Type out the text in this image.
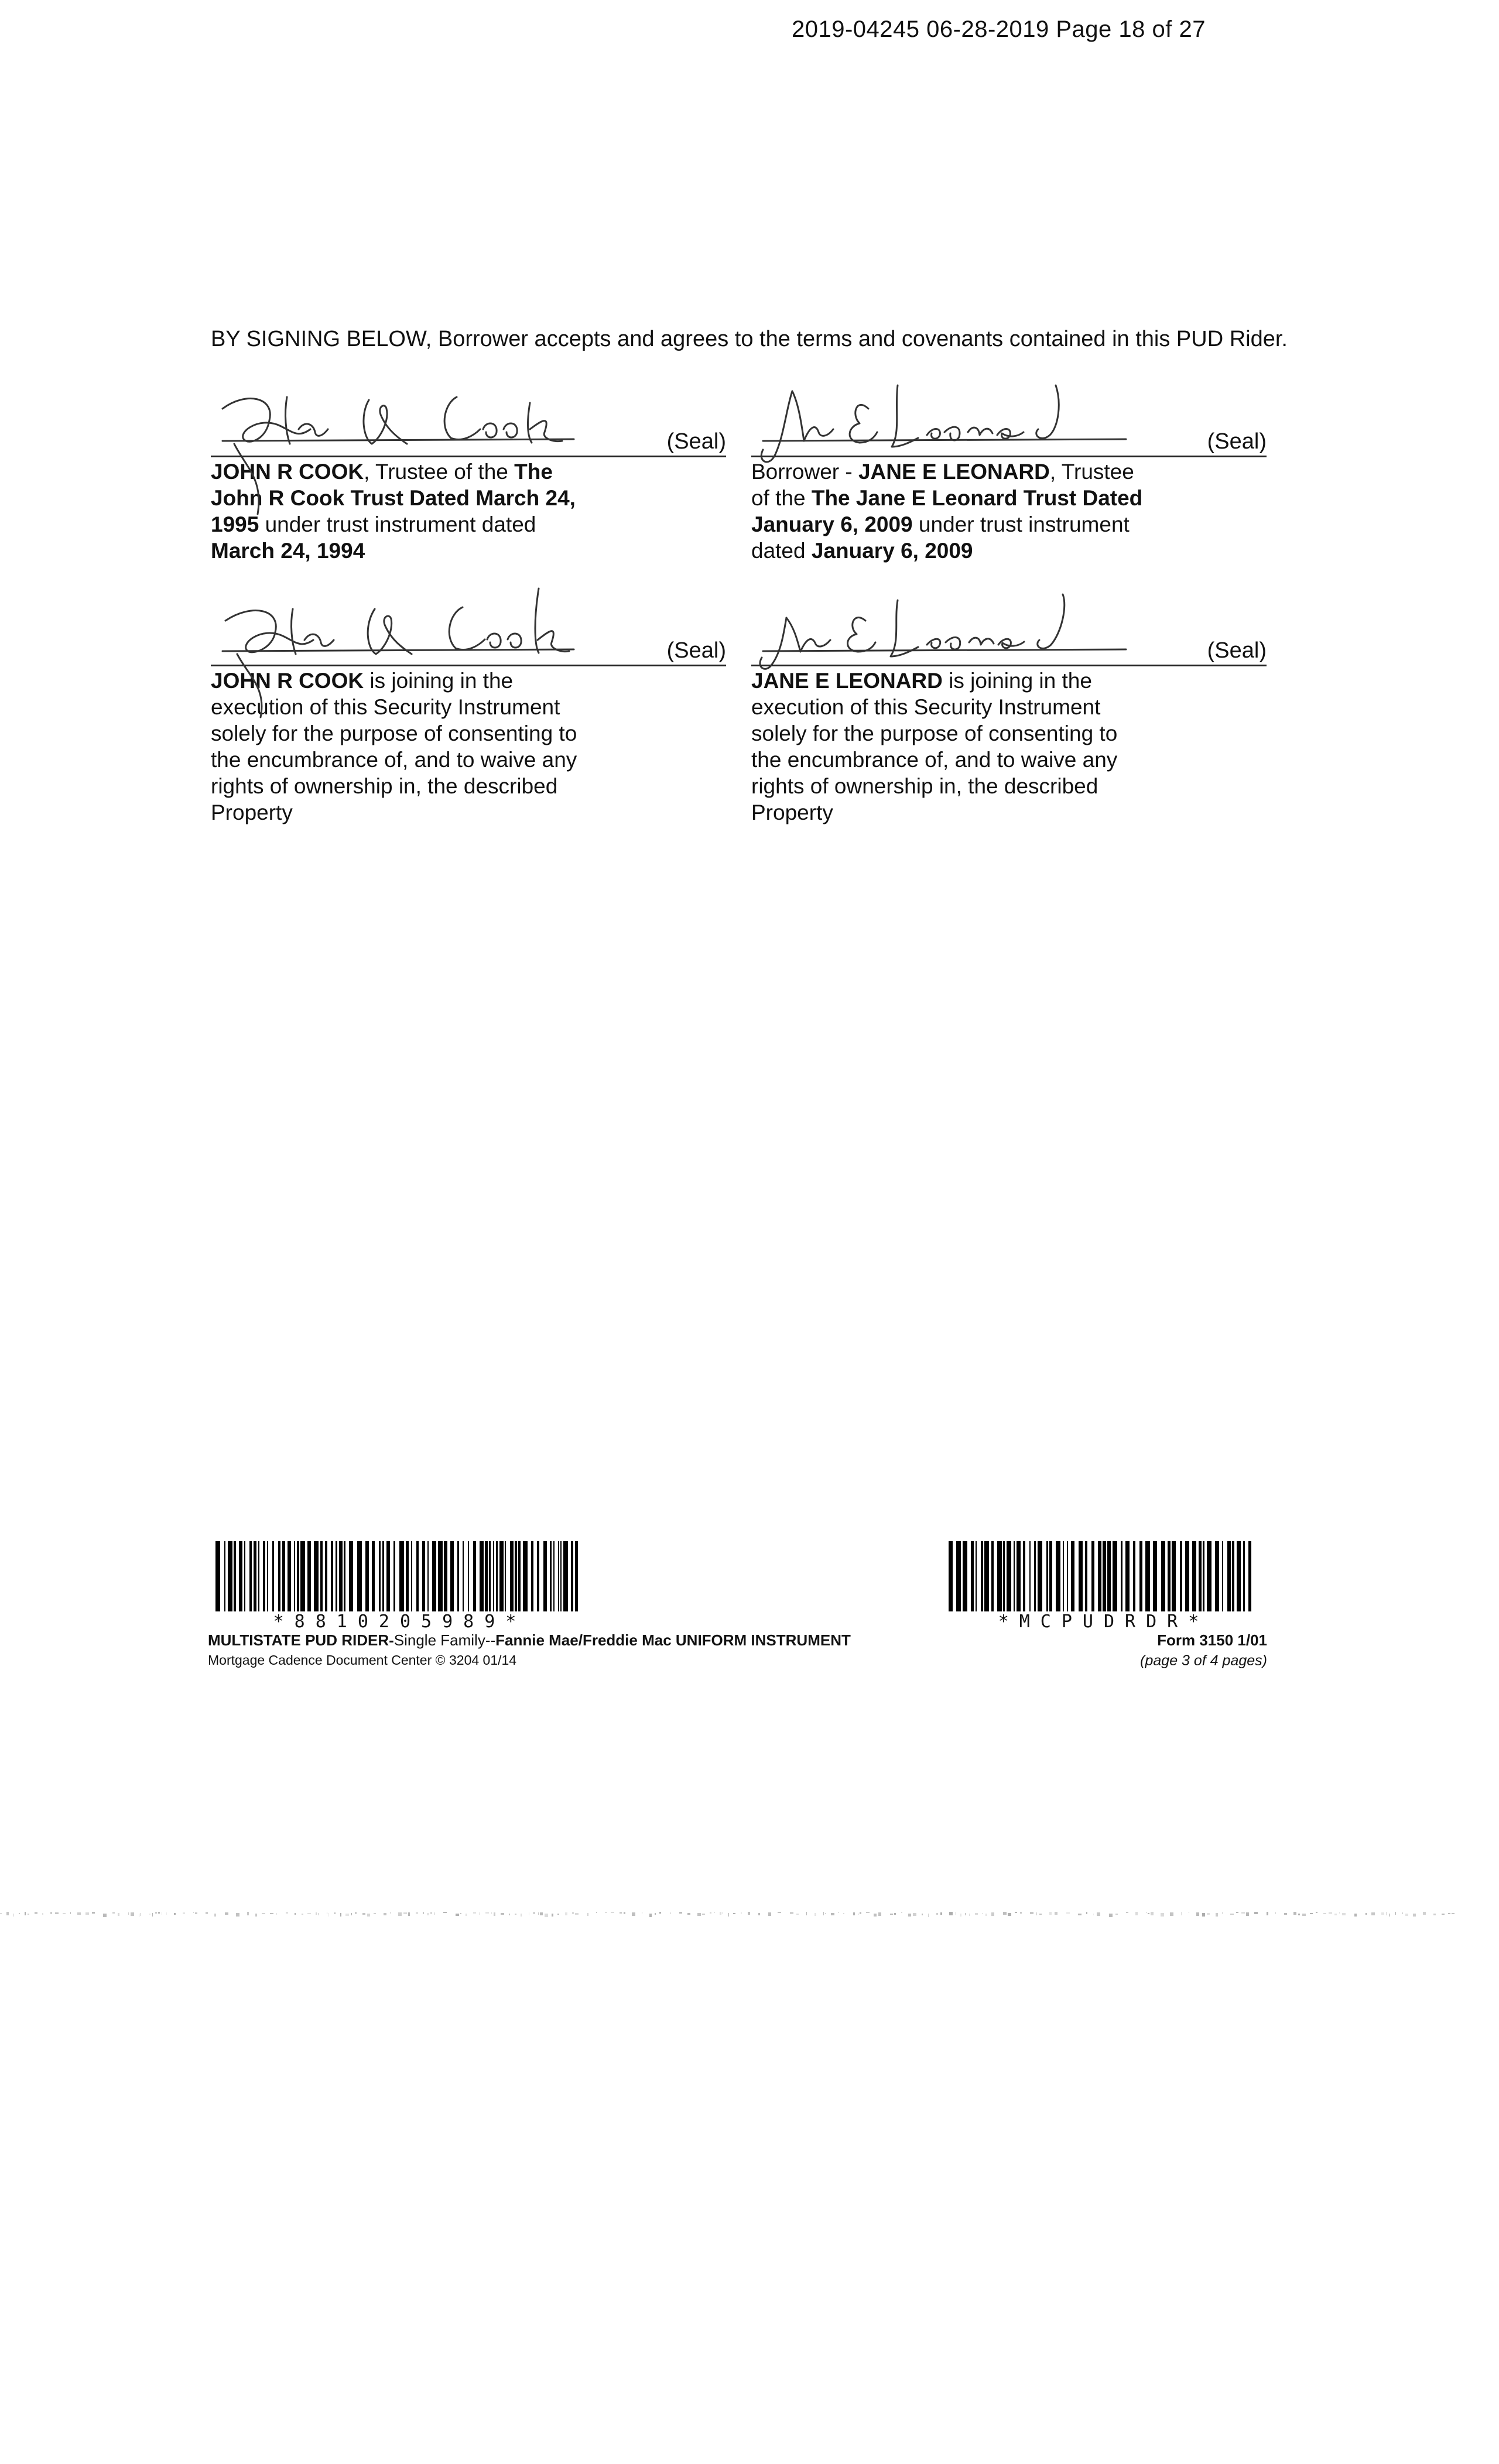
2019-04245 06-28-2019 Page 18 of 27
BY SIGNING BELOW, Borrower accepts and agrees to the terms and covenants contained in this PUD Rider.
(Seal)
JOHN R COOK, Trustee of the The John R Cook Trust Dated March 24, 1995 under trust instrument dated March 24, 1994
(Seal)
Borrower - JANE E LEONARD, Trustee of the The Jane E Leonard Trust Dated January 6, 2009 under trust instrument dated January 6, 2009
(Seal)
JOHN R COOK is joining in the execution of this Security Instrument solely for the purpose of consenting to the encumbrance of, and to waive any rights of ownership in, the described Property
(Seal)
JANE E LEONARD is joining in the execution of this Security Instrument solely for the purpose of consenting to the encumbrance of, and to waive any rights of ownership in, the described Property
*8810205989*	*MCPUDRDR*
MULTISTATE PUD RIDER-Single Family--Fannie Mae/Freddie Mac UNIFORM INSTRUMENT
Mortgage Cadence Document Center © 3204 01/14
Form 3150 1/01
(page 3 of 4 pages)
